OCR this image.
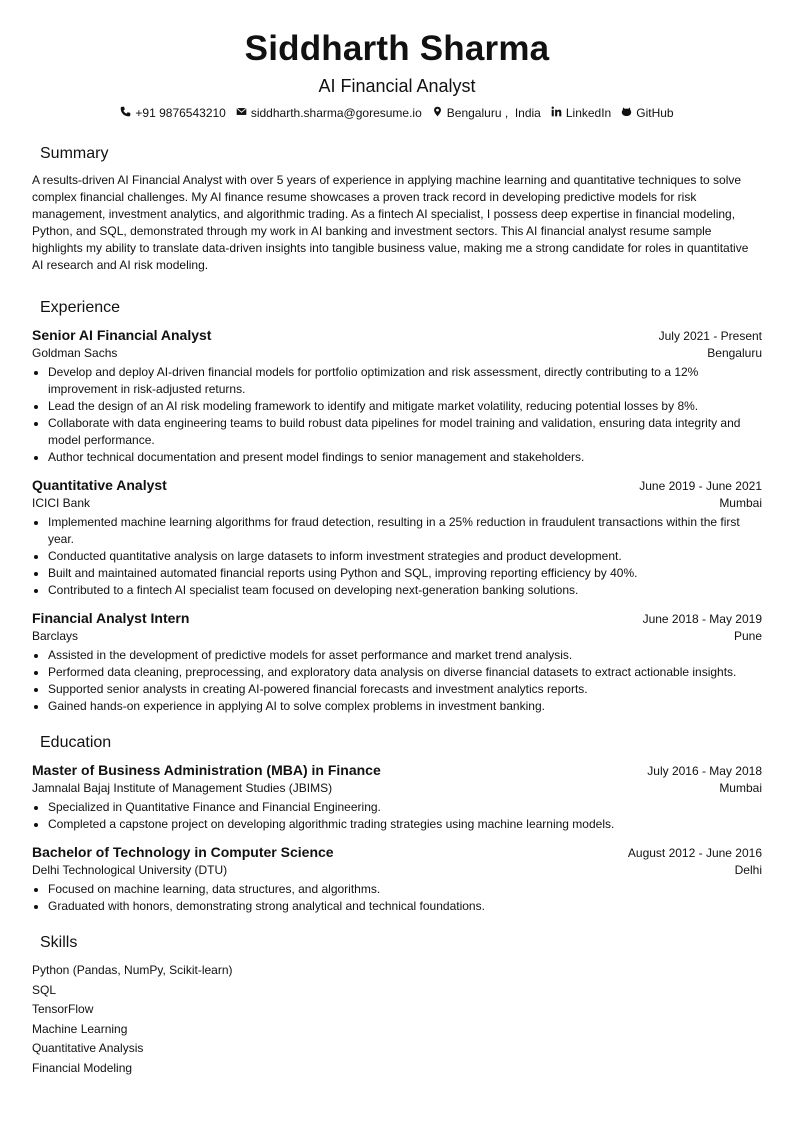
Siddharth Sharma
AI Financial Analyst
+91 9876543210 siddharth.sharma@goresume.io Bengaluru ,  India LinkedIn GitHub
Summary
A results-driven AI Financial Analyst with over 5 years of experience in applying machine learning and quantitative techniques to solve complex financial challenges. My AI finance resume showcases a proven track record in developing predictive models for risk management, investment analytics, and algorithmic trading. As a fintech AI specialist, I possess deep expertise in financial modeling, Python, and SQL, demonstrated through my work in AI banking and investment sectors. This AI financial analyst resume sample highlights my ability to translate data-driven insights into tangible business value, making me a strong candidate for roles in quantitative AI research and AI risk modeling.
Experience
Senior AI Financial Analyst	July 2021 - Present
Goldman Sachs	Bengaluru
• Develop and deploy AI-driven financial models for portfolio optimization and risk assessment, directly contributing to a 12% improvement in risk-adjusted returns.
• Lead the design of an AI risk modeling framework to identify and mitigate market volatility, reducing potential losses by 8%.
• Collaborate with data engineering teams to build robust data pipelines for model training and validation, ensuring data integrity and model performance.
• Author technical documentation and present model findings to senior management and stakeholders.
Quantitative Analyst	June 2019 - June 2021
ICICI Bank	Mumbai
• Implemented machine learning algorithms for fraud detection, resulting in a 25% reduction in fraudulent transactions within the first year.
• Conducted quantitative analysis on large datasets to inform investment strategies and product development.
• Built and maintained automated financial reports using Python and SQL, improving reporting efficiency by 40%.
• Contributed to a fintech AI specialist team focused on developing next-generation banking solutions.
Financial Analyst Intern	June 2018 - May 2019
Barclays	Pune
• Assisted in the development of predictive models for asset performance and market trend analysis.
• Performed data cleaning, preprocessing, and exploratory data analysis on diverse financial datasets to extract actionable insights.
• Supported senior analysts in creating AI-powered financial forecasts and investment analytics reports.
• Gained hands-on experience in applying AI to solve complex problems in investment banking.
Education
Master of Business Administration (MBA) in Finance	July 2016 - May 2018
Jamnalal Bajaj Institute of Management Studies (JBIMS)	Mumbai
• Specialized in Quantitative Finance and Financial Engineering.
• Completed a capstone project on developing algorithmic trading strategies using machine learning models.
Bachelor of Technology in Computer Science	August 2012 - June 2016
Delhi Technological University (DTU)	Delhi
• Focused on machine learning, data structures, and algorithms.
• Graduated with honors, demonstrating strong analytical and technical foundations.
Skills
Python (Pandas, NumPy, Scikit-learn)
SQL
TensorFlow
Machine Learning
Quantitative Analysis
Financial Modeling
